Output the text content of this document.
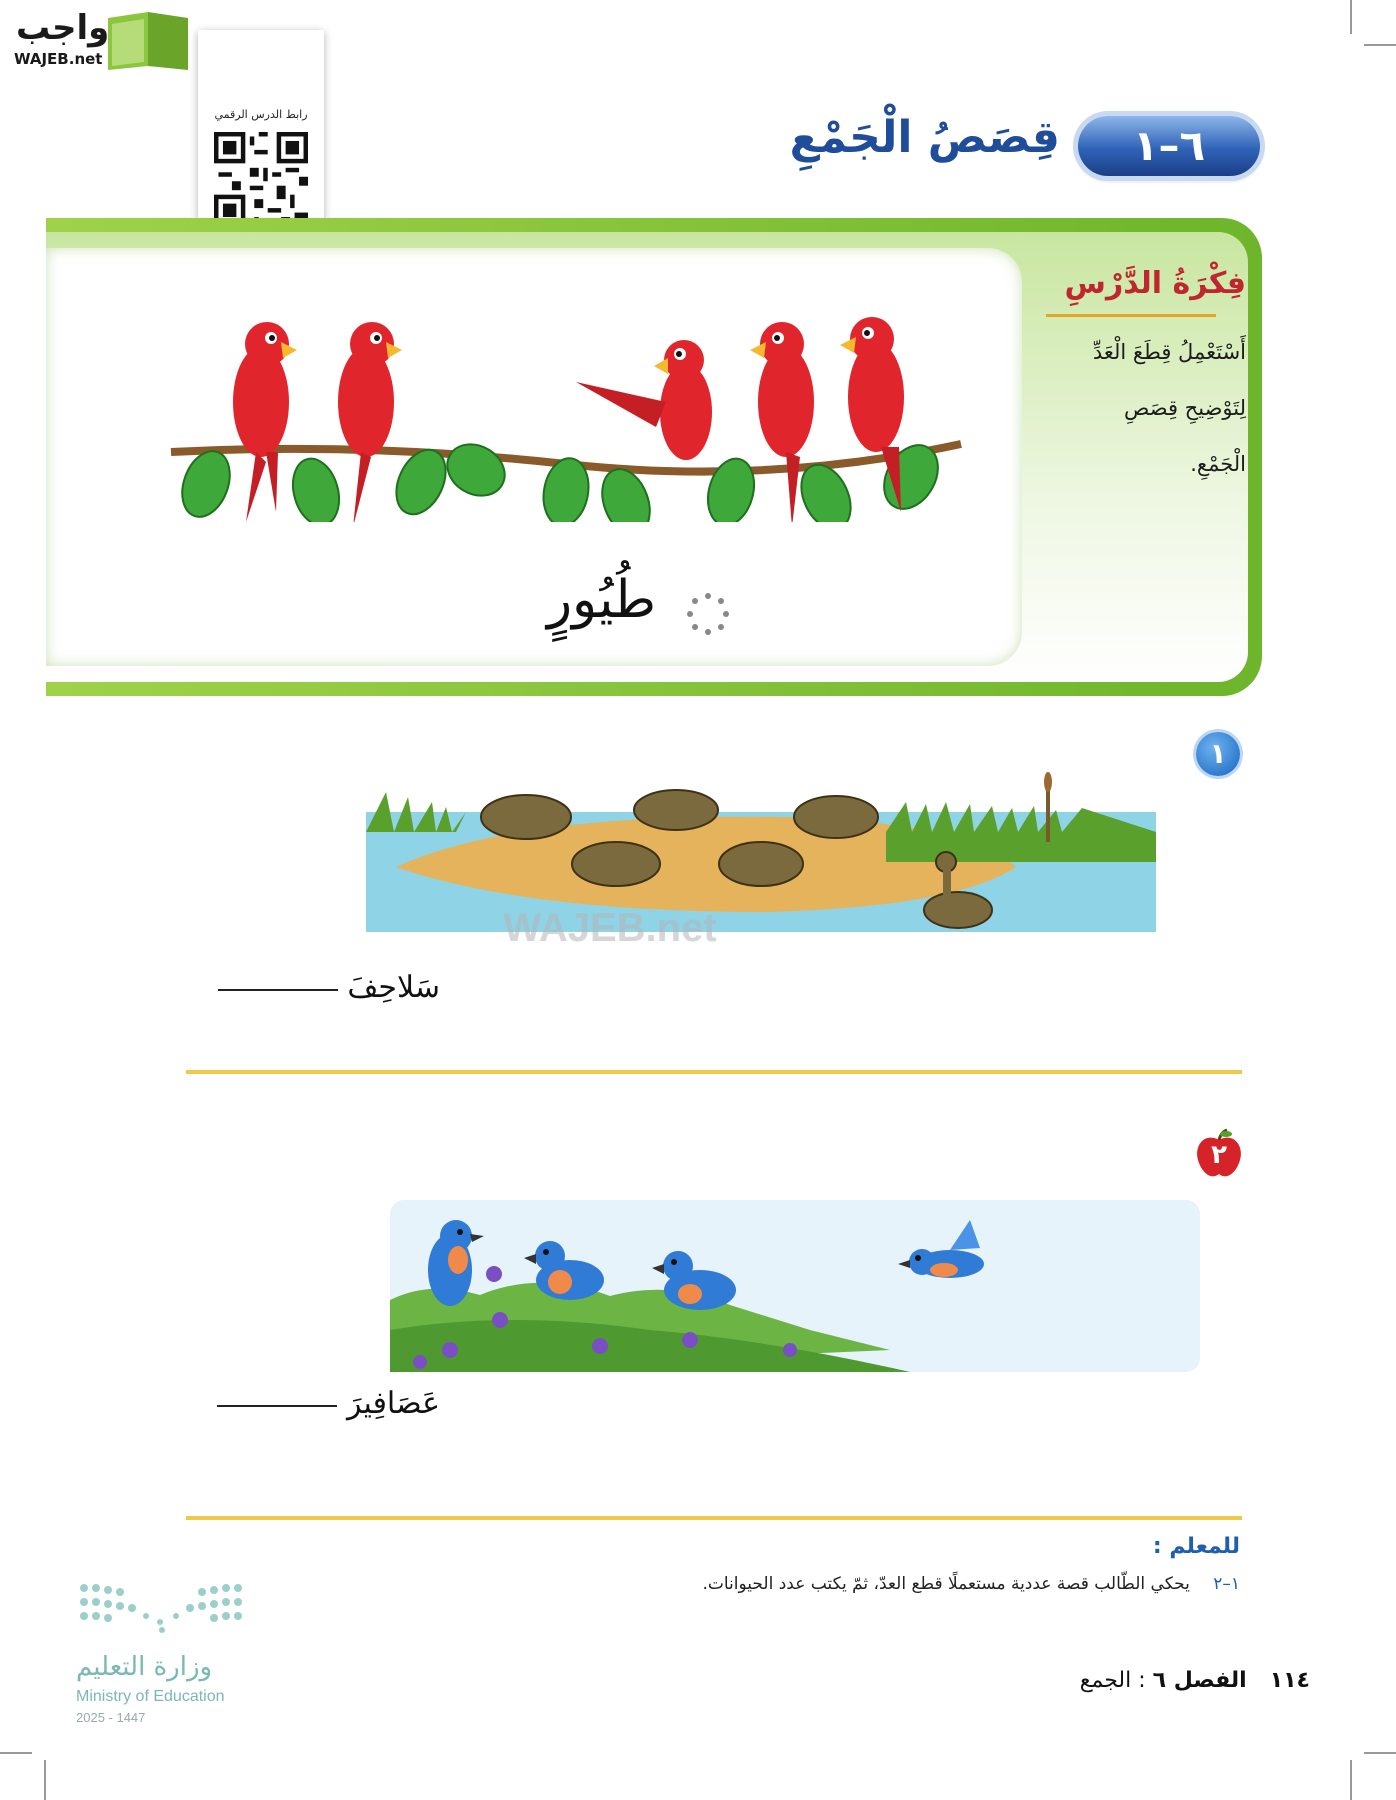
واجب
WAJEB.net
رابط الدرس الرقمي
٦–١
قِصَصُ الْجَمْعِ
طُيُورٍ
فِكْرَةُ الدَّرْسِ
أَسْتَعْمِلُ قِطَعَ الْعَدِّ
لِتَوْضِيحِ قِصَصِ
الْجَمْعِ.
١
WAJEB.net
سَلاحِفَ
٢
عَصَافِيرَ
للمعلم :
١–٢ يحكي الطّالب قصة عددية مستعملًا قطع العدّ، ثمّ يكتب عدد الحيوانات.
وزارة التعليم
Ministry of Education
2025 - 1447
١١٤ الفصل ٦ : الجمع
